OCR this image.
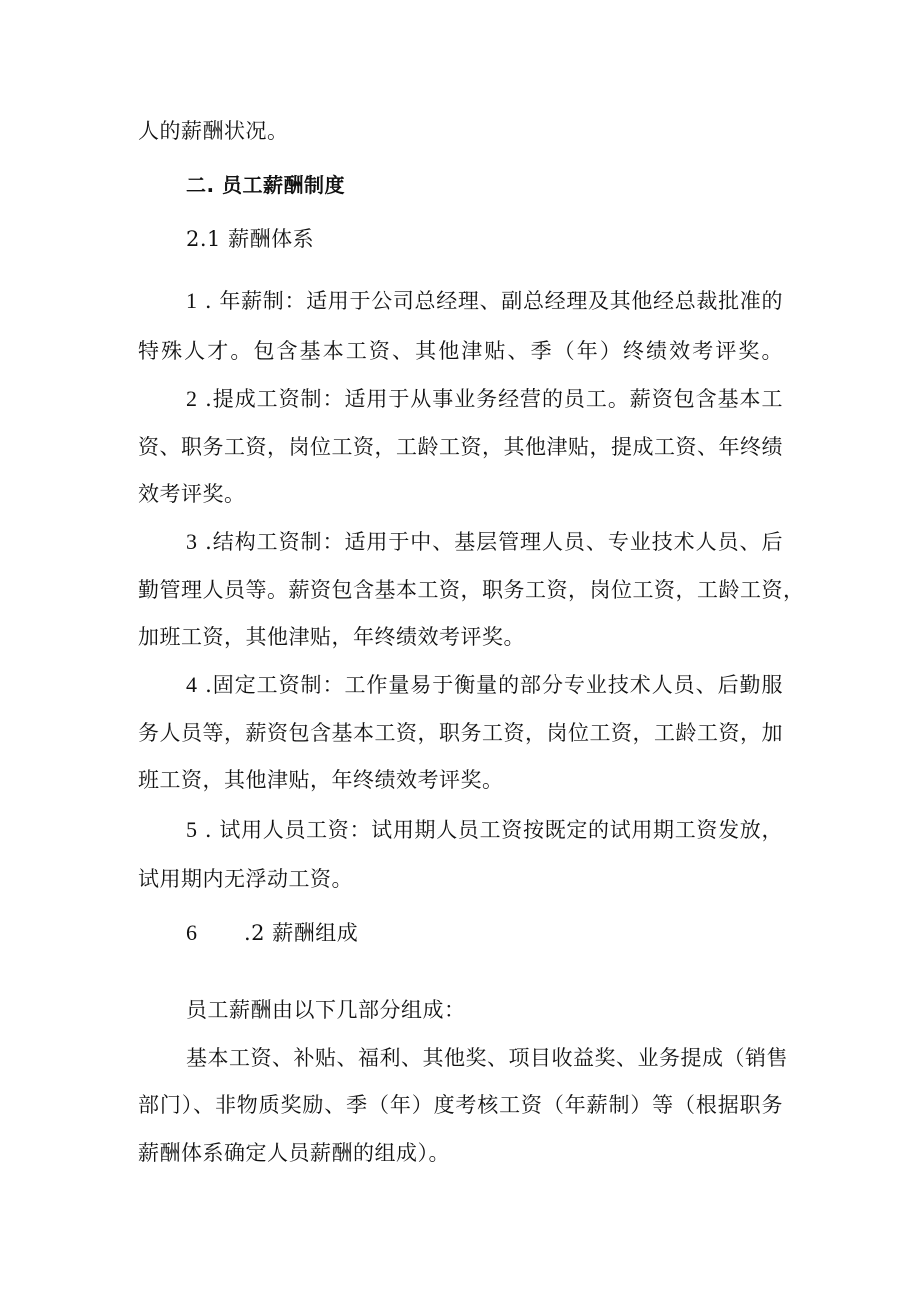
人的薪酬状况。
二. 员工薪酬制度
2.1 薪酬体系
1 . 年薪制：适用于公司总经理、副总经理及其他经总裁批准的
特殊人才。包含基本工资、其他津贴、季（年）终绩效考评奖。
2 .提成工资制：适用于从事业务经营的员工。薪资包含基本工
资、职务工资，岗位工资，工龄工资，其他津贴，提成工资、年终绩
效考评奖。
3 .结构工资制：适用于中、基层管理人员、专业技术人员、后
勤管理人员等。薪资包含基本工资，职务工资，岗位工资，工龄工资，
加班工资，其他津贴，年终绩效考评奖。
4 .固定工资制：工作量易于衡量的部分专业技术人员、后勤服
务人员等，薪资包含基本工资，职务工资，岗位工资，工龄工资，加
班工资，其他津贴，年终绩效考评奖。
5 . 试用人员工资：试用期人员工资按既定的试用期工资发放，
试用期内无浮动工资。
6 .2 薪酬组成
员工薪酬由以下几部分组成：
基本工资、补贴、福利、其他奖、项目收益奖、业务提成（销售
部门）、非物质奖励、季（年）度考核工资（年薪制）等（根据职务
薪酬体系确定人员薪酬的组成）。
